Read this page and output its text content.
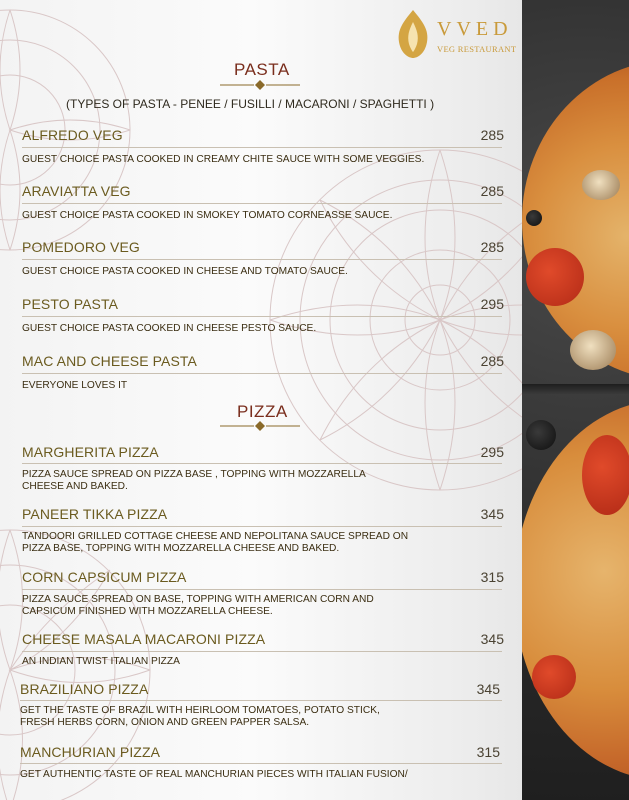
VVED
VEG RESTAURANT
PASTA
(TYPES OF PASTA - PENEE / FUSILLI / MACARONI / SPAGHETTI )
ALFREDO VEG	285
GUEST CHOICE PASTA COOKED IN CREAMY CHITE SAUCE WITH SOME VEGGIES.
ARAVIATTA VEG	285
GUEST CHOICE PASTA COOKED IN SMOKEY TOMATO CORNEASSE SAUCE.
POMEDORO VEG	285
GUEST CHOICE PASTA COOKED IN CHEESE AND TOMATO SAUCE.
PESTO PASTA	295
GUEST CHOICE PASTA COOKED IN CHEESE PESTO SAUCE.
MAC AND CHEESE PASTA	285
EVERYONE LOVES IT
PIZZA
MARGHERITA PIZZA	295
PIZZA SAUCE SPREAD ON PIZZA BASE , TOPPING WITH MOZZARELLA
CHEESE AND BAKED.
PANEER TIKKA PIZZA	345
TANDOORI GRILLED COTTAGE CHEESE AND NEPOLITANA SAUCE SPREAD ON
PIZZA BASE, TOPPING WITH MOZZARELLA CHEESE AND BAKED.
CORN CAPSICUM PIZZA	315
PIZZA SAUCE SPREAD ON BASE, TOPPING WITH AMERICAN CORN AND
CAPSICUM FINISHED WITH MOZZARELLA CHEESE.
CHEESE MASALA MACARONI PIZZA	345
AN INDIAN TWIST ITALIAN PIZZA
BRAZILIANO PIZZA	345
GET THE TASTE OF BRAZIL WITH HEIRLOOM TOMATOES, POTATO STICK,
FRESH HERBS CORN, ONION AND GREEN PAPPER SALSA.
MANCHURIAN PIZZA	315
GET AUTHENTIC TASTE OF REAL MANCHURIAN PIECES WITH ITALIAN FUSION/
